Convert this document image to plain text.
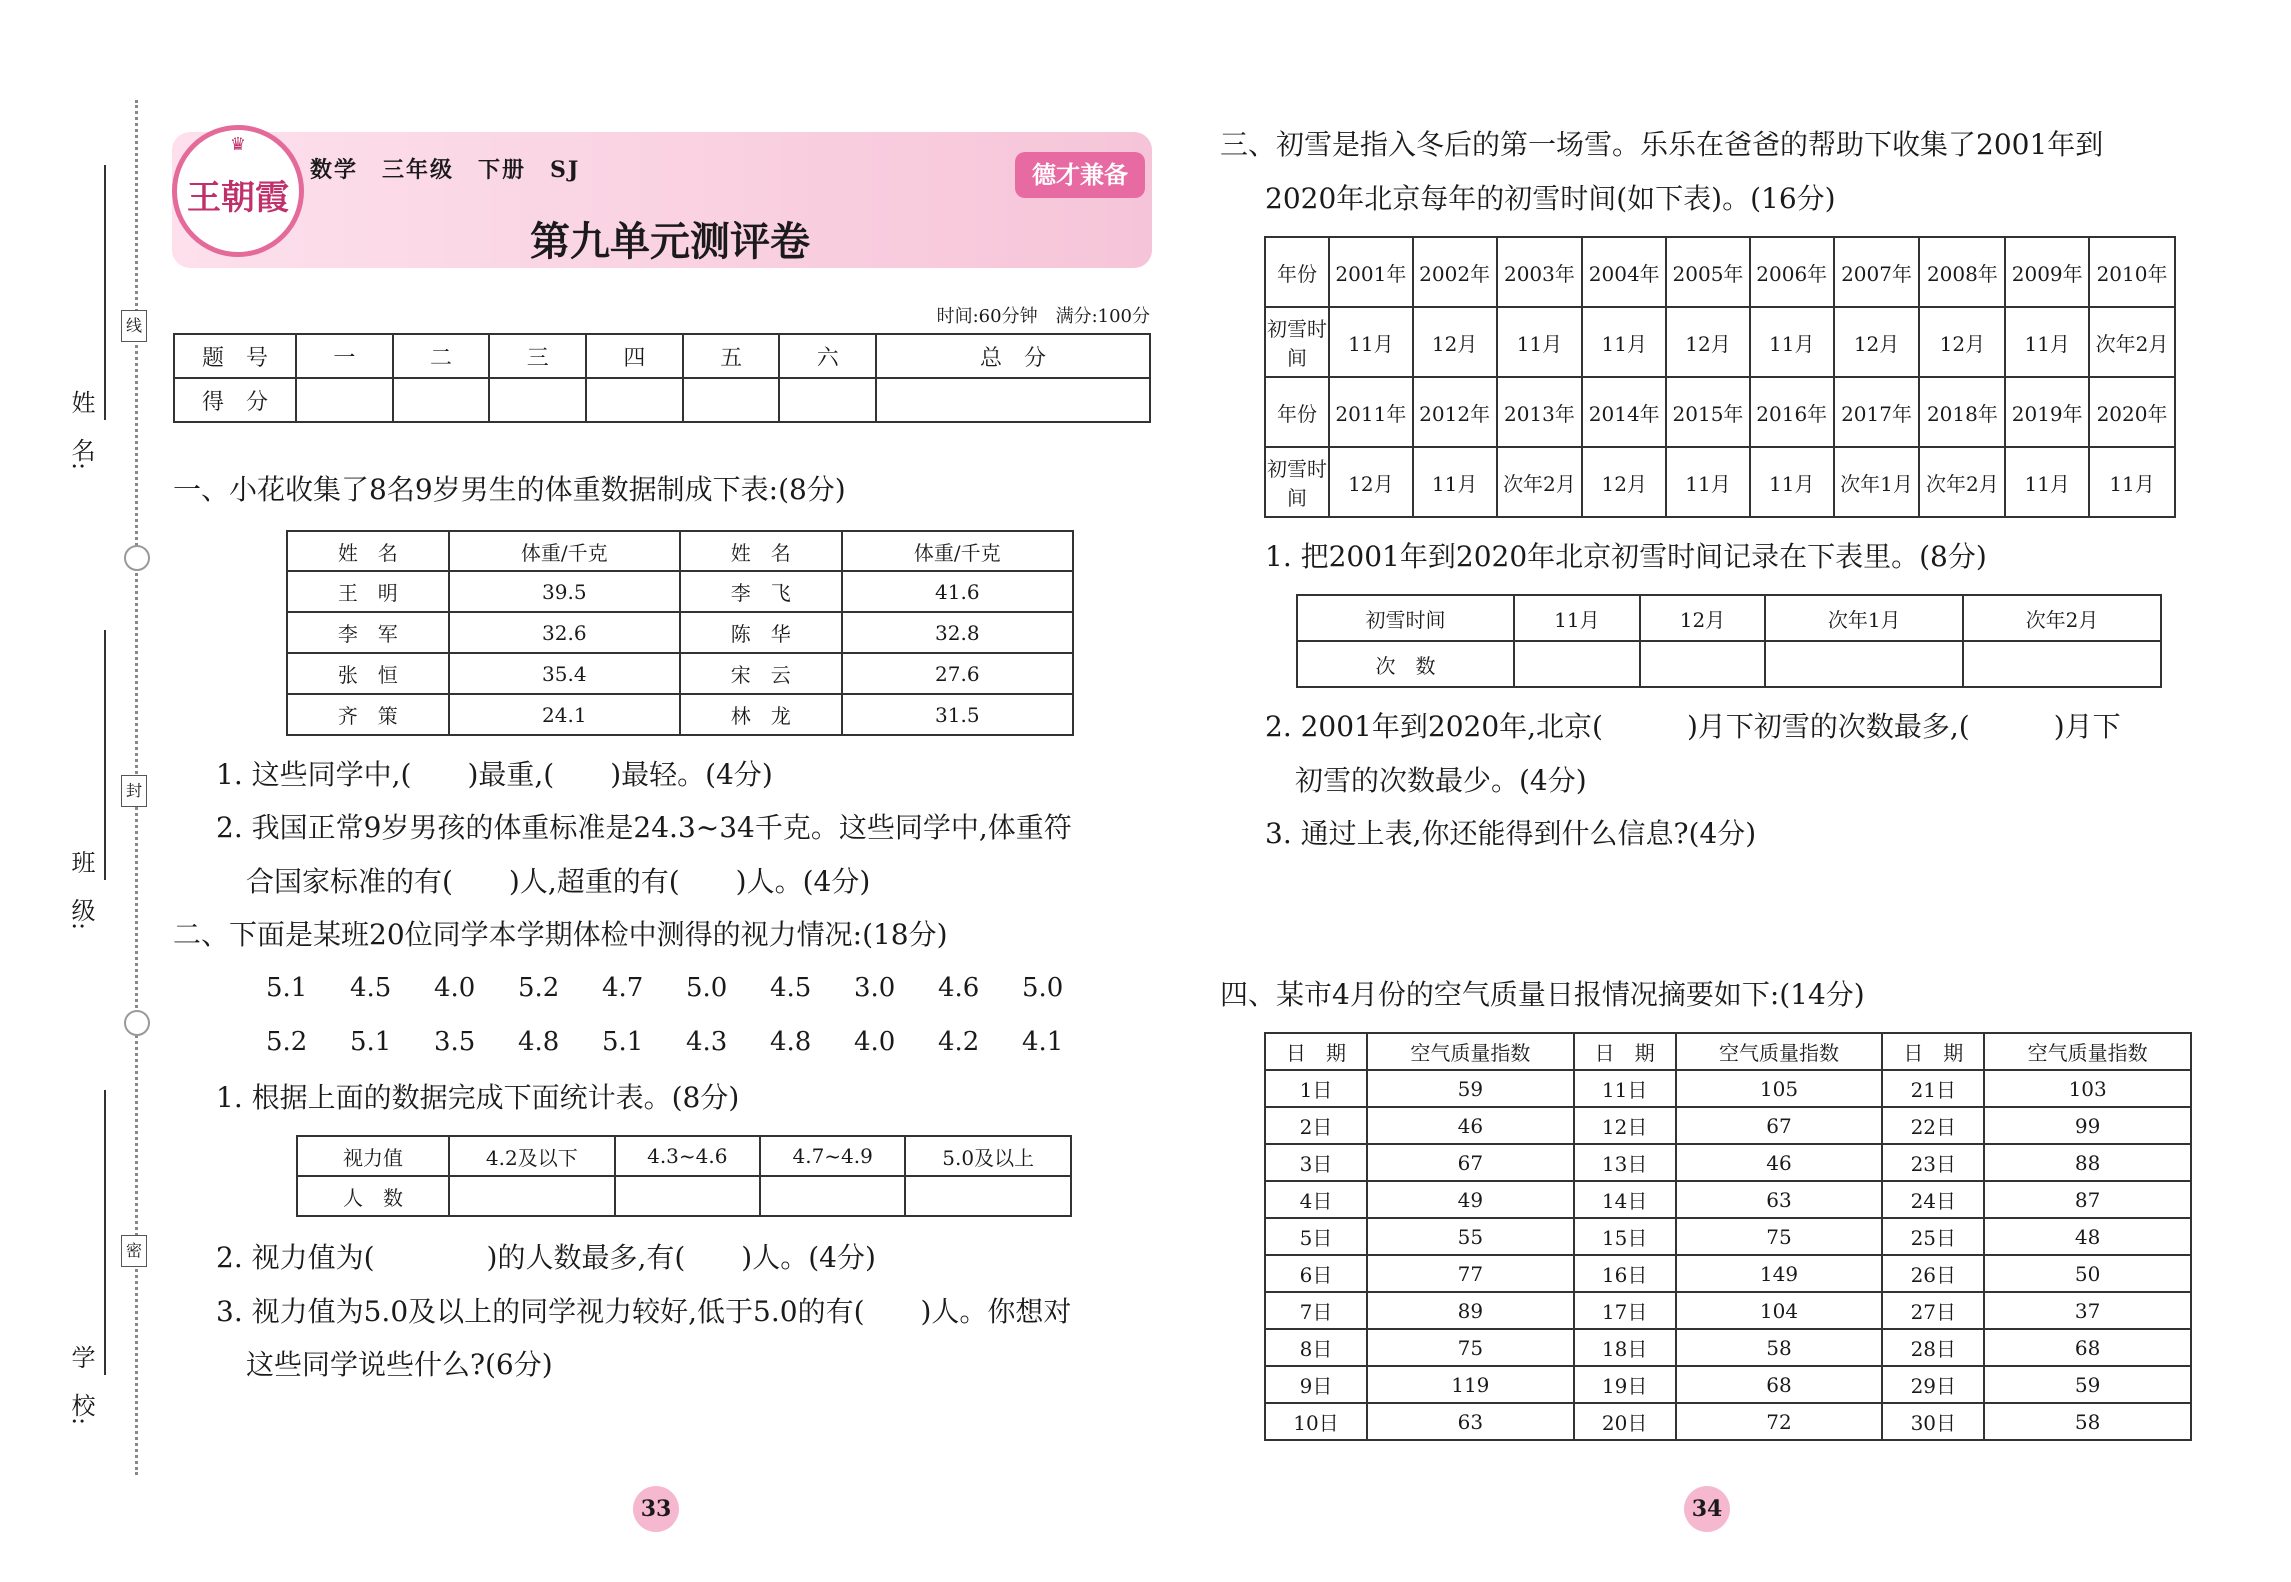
姓　名:
班　级:
学　校:
线
封
密
♛
王朝霞
数学　三年级　下册　SJ
第九单元测评卷
德才兼备
时间:60分钟　满分:100分
题　号	一	二	三	四	五	六	总　分
得　分							
一、小花收集了8名9岁男生的体重数据制成下表:(8分)
姓　名	体重/千克	姓　名	体重/千克
王　明	39.5	李　飞	41.6
李　军	32.6	陈　华	32.8
张　恒	35.4	宋　云	27.6
齐　策	24.1	林　龙	31.5
1. 这些同学中,(　　)最重,(　　)最轻。(4分)
2. 我国正常9岁男孩的体重标准是24.3~34千克。这些同学中,体重符
合国家标准的有(　　)人,超重的有(　　)人。(4分)
二、下面是某班20位同学本学期体检中测得的视力情况:(18分)
5.1 4.5 4.0 5.2 4.7 5.0 4.5 3.0 4.6 5.0
5.2 5.1 3.5 4.8 5.1 4.3 4.8 4.0 4.2 4.1
1. 根据上面的数据完成下面统计表。(8分)
视力值	4.2及以下	4.3~4.6	4.7~4.9	5.0及以上
人　数				
2. 视力值为(　　　　)的人数最多,有(　　)人。(4分)
3. 视力值为5.0及以上的同学视力较好,低于5.0的有(　　)人。你想对
这些同学说些什么?(6分)
三、初雪是指入冬后的第一场雪。乐乐在爸爸的帮助下收集了2001年到
2020年北京每年的初雪时间(如下表)。(16分)
年份	2001年	2002年	2003年	2004年	2005年	2006年	2007年	2008年	2009年	2010年
初雪时间	11月	12月	11月	11月	12月	11月	12月	12月	11月	次年2月
年份	2011年	2012年	2013年	2014年	2015年	2016年	2017年	2018年	2019年	2020年
初雪时间	12月	11月	次年2月	12月	11月	11月	次年1月	次年2月	11月	11月
1. 把2001年到2020年北京初雪时间记录在下表里。(8分)
初雪时间	11月	12月	次年1月	次年2月
次　数				
2. 2001年到2020年,北京(　　　)月下初雪的次数最多,(　　　)月下
初雪的次数最少。(4分)
3. 通过上表,你还能得到什么信息?(4分)
四、某市4月份的空气质量日报情况摘要如下:(14分)
日　期	空气质量指数	日　期	空气质量指数	日　期	空气质量指数
1日	59	11日	105	21日	103
2日	46	12日	67	22日	99
3日	67	13日	46	23日	88
4日	49	14日	63	24日	87
5日	55	15日	75	25日	48
6日	77	16日	149	26日	50
7日	89	17日	104	27日	37
8日	75	18日	58	28日	68
9日	119	19日	68	29日	59
10日	63	20日	72	30日	58
33	34
